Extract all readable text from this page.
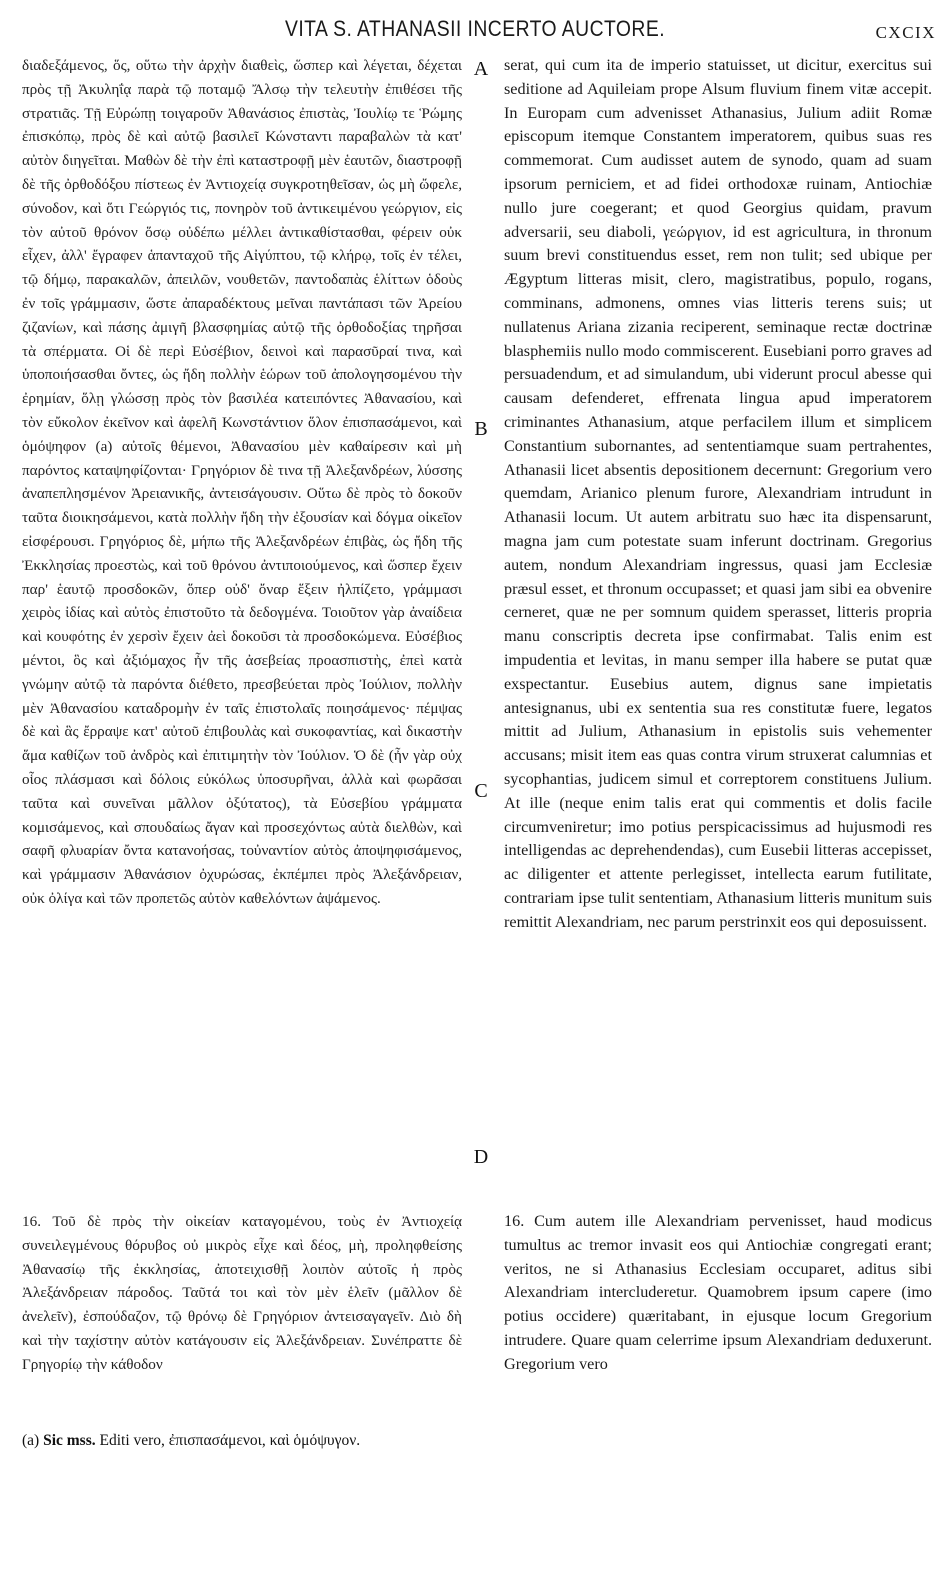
VITA S. ATHANASII INCERTO AUCTORE.	CXCIX

διαδεξάμενος, ὅς, οὕτω τὴν ἀρχὴν διαθεὶς, ὥσπερ καὶ λέγεται, δέχεται πρὸς τῇ Ἀκυληΐᾳ παρὰ τῷ ποταμῷ Ἄλσῳ τὴν τελευτὴν ἐπιθέσει τῆς στρατιᾶς. Τῇ Εὐρώπῃ τοιγαροῦν Ἀθανάσιος ἐπιστὰς, Ἰουλίῳ τε Ῥώμης ἐπισκόπῳ, πρὸς δὲ καὶ αὐτῷ βασιλεῖ Κώνσταντι παραβαλὼν τὰ κατ' αὐτὸν διηγεῖται. Μαθὼν δὲ τὴν ἐπὶ καταστροφῇ μὲν ἑαυτῶν, διαστροφῇ δὲ τῆς ὀρθοδόξου πίστεως ἐν Ἀντιοχείᾳ συγκροτηθεῖσαν, ὡς μὴ ὤφελε, σύνοδον, καὶ ὅτι Γεώργιός τις, πονηρὸν τοῦ ἀντικειμένου γεώργιον, εἰς τὸν αὐτοῦ θρόνον ὅσῳ οὐδέπω μέλλει ἀντικαθίστασθαι, φέρειν οὐκ εἶχεν, ἀλλ' ἔγραφεν ἁπανταχοῦ τῆς Αἰγύπτου, τῷ κλήρῳ, τοῖς ἐν τέλει, τῷ δήμῳ, παρακαλῶν, ἀπειλῶν, νουθετῶν, παντοδαπὰς ἑλίττων ὁδοὺς ἐν τοῖς γράμμασιν, ὥστε ἀπαραδέκτους μεῖναι παντάπασι τῶν Ἀρείου ζιζανίων, καὶ πάσης ἀμιγῆ βλασφημίας αὐτῷ τῆς ὀρθοδοξίας τηρῆσαι τὰ σπέρματα. Οἱ δὲ περὶ Εὐσέβιον, δεινοὶ καὶ παρασῦραί τινα, καὶ ὑποποιήσασθαι ὄντες, ὡς ἤδη πολλὴν ἑώρων τοῦ ἀπολογησομένου τὴν ἐρημίαν, ὅλῃ γλώσσῃ πρὸς τὸν βασιλέα κατειπόντες Ἀθανασίου, καὶ τὸν εὔκολον ἐκεῖνον καὶ ἀφελῆ Κωνστάντιον ὅλον ἐπισπασάμενοι, καὶ ὁμόψηφον (a) αὐτοῖς θέμενοι, Ἀθανασίου μὲν καθαίρεσιν καὶ μὴ παρόντος καταψηφίζονται· Γρηγόριον δὲ τινα τῇ Ἀλεξανδρέων, λύσσης ἀναπεπλησμένον Ἀρειανικῆς, ἀντεισάγουσιν. Οὕτω δὲ πρὸς τὸ δοκοῦν ταῦτα διοικησάμενοι, κατὰ πολλὴν ἤδη τὴν ἐξουσίαν καὶ δόγμα οἰκεῖον εἰσφέρουσι. Γρηγόριος δὲ, μήπω τῆς Ἀλεξανδρέων ἐπιβὰς, ὡς ἤδη τῆς Ἐκκλησίας προεστὼς, καὶ τοῦ θρόνου ἀντιποιούμενος, καὶ ὥσπερ ἔχειν παρ' ἑαυτῷ προσδοκῶν, ὅπερ οὐδ' ὄναρ ἕξειν ἠλπίζετο, γράμμασι χειρὸς ἰδίας καὶ αὐτὸς ἐπιστοῦτο τὰ δεδογμένα. Τοιοῦτον γὰρ ἀναίδεια καὶ κουφότης ἐν χερσὶν ἔχειν ἀεὶ δοκοῦσι τὰ προσδοκώμενα. Εὐσέβιος μέντοι, ὃς καὶ ἀξιόμαχος ἦν τῆς ἀσεβείας προασπιστὴς, ἐπεὶ κατὰ γνώμην αὐτῷ τὰ παρόντα διέθετο, πρεσβεύεται πρὸς Ἰούλιον, πολλὴν μὲν Ἀθανασίου καταδρομὴν ἐν ταῖς ἐπιστολαῖς ποιησάμενος· πέμψας δὲ καὶ ἃς ἔρραψε κατ' αὐτοῦ ἐπιβουλὰς καὶ συκοφαντίας, καὶ δικαστὴν ἅμα καθίζων τοῦ ἀνδρὸς καὶ ἐπιτιμητὴν τὸν Ἰούλιον. Ὁ δὲ (ἦν γὰρ οὐχ οἷος πλάσμασι καὶ δόλοις εὐκόλως ὑποσυρῆναι, ἀλλὰ καὶ φωρᾶσαι ταῦτα καὶ συνεῖναι μᾶλλον ὀξύτατος), τὰ Εὐσεβίου γράμματα κομισάμενος, καὶ σπουδαίως ἄγαν καὶ προσεχόντως αὐτὰ διελθὼν, καὶ σαφῆ φλυαρίαν ὄντα κατανοήσας, τοὐναντίον αὐτὸς ἀποψηφισάμενος, καὶ γράμμασιν Ἀθανάσιον ὀχυρώσας, ἐκπέμπει πρὸς Ἀλεξάνδρειαν, οὐκ ὀλίγα καὶ τῶν προπετῶς αὐτὸν καθελόντων ἀψάμενος.

serat, qui cum ita de imperio statuisset, ut dicitur, exercitus sui seditione ad Aquileiam prope Alsum fluvium finem vitæ accepit. In Europam cum advenisset Athanasius, Julium adiit Romæ episcopum itemque Constantem imperatorem, quibus suas res commemorat. Cum audisset autem de synodo, quam ad suam ipsorum perniciem, et ad fidei orthodoxæ ruinam, Antiochiæ nullo jure coegerant; et quod Georgius quidam, pravum adversarii, seu diaboli, γεώργιον, id est agricultura, in thronum suum brevi constituendus esset, rem non tulit; sed ubique per Ægyptum litteras misit, clero, magistratibus, populo, rogans, comminans, admonens, omnes vias litteris terens suis; ut nullatenus Ariana zizania reciperent, seminaque rectæ doctrinæ blasphemiis nullo modo commiscerent. Eusebiani porro graves ad persuadendum, et ad simulandum, ubi viderunt procul abesse qui causam defenderet, effrenata lingua apud imperatorem criminantes Athanasium, atque perfacilem illum et simplicem Constantium subornantes, ad sententiamque suam pertrahentes, Athanasii licet absentis depositionem decernunt: Gregorium vero quemdam, Arianico plenum furore, Alexandriam intrudunt in Athanasii locum. Ut autem arbitratu suo hæc ita dispensarunt, magna jam cum potestate suam inferunt doctrinam. Gregorius autem, nondum Alexandriam ingressus, quasi jam Ecclesiæ præsul esset, et thronum occupasset; et quasi jam sibi ea obvenire cerneret, quæ ne per somnum quidem sperasset, litteris propria manu conscriptis decreta ipse confirmabat. Talis enim est impudentia et levitas, in manu semper illa habere se putat quæ exspectantur. Eusebius autem, dignus sane impietatis antesignanus, ubi ex sententia sua res constitutæ fuere, legatos mittit ad Julium, Athanasium in epistolis suis vehementer accusans; misit item eas quas contra virum struxerat calumnias et sycophantias, judicem simul et correptorem constituens Julium. At ille (neque enim talis erat qui commentis et dolis facile circumveniretur; imo potius perspicacissimus ad hujusmodi res intelligendas ac deprehendendas), cum Eusebii litteras accepisset, ac diligenter et attente perlegisset, intellecta earum futilitate, contrariam ipse tulit sententiam, Athanasium litteris munitum suis remittit Alexandriam, nec parum perstrinxit eos qui deposuissent.

A
B
C
D

16. Τοῦ δὲ πρὸς τὴν οἰκείαν καταγομένου, τοὺς ἐν Ἀντιοχείᾳ συνειλεγμένους θόρυβος οὐ μικρὸς εἶχε καὶ δέος, μὴ, προληφθείσης Ἀθανασίῳ τῆς ἐκκλησίας, ἀποτειχισθῇ λοιπὸν αὐτοῖς ἡ πρὸς Ἀλεξάνδρειαν πάροδος. Ταῦτά τοι καὶ τὸν μὲν ἑλεῖν (μᾶλλον δὲ ἀνελεῖν), ἐσπούδαζον, τῷ θρόνῳ δὲ Γρηγόριον ἀντεισαγαγεῖν. Διὸ δὴ καὶ τὴν ταχίστην αὐτὸν κατάγουσιν εἰς Ἀλεξάνδρειαν. Συνέπραττε δὲ Γρηγορίῳ τὴν κάθοδον

16. Cum autem ille Alexandriam pervenisset, haud modicus tumultus ac tremor invasit eos qui Antiochiæ congregati erant; veritos, ne si Athanasius Ecclesiam occuparet, aditus sibi Alexandriam intercluderetur. Quamobrem ipsum capere (imo potius occidere) quæritabant, in ejusque locum Gregorium intrudere. Quare quam celerrime ipsum Alexandriam deduxerunt. Gregorium vero

(a) Sic mss. Editi vero, ἐπισπασάμενοι, καὶ ὁμόψυγον.
